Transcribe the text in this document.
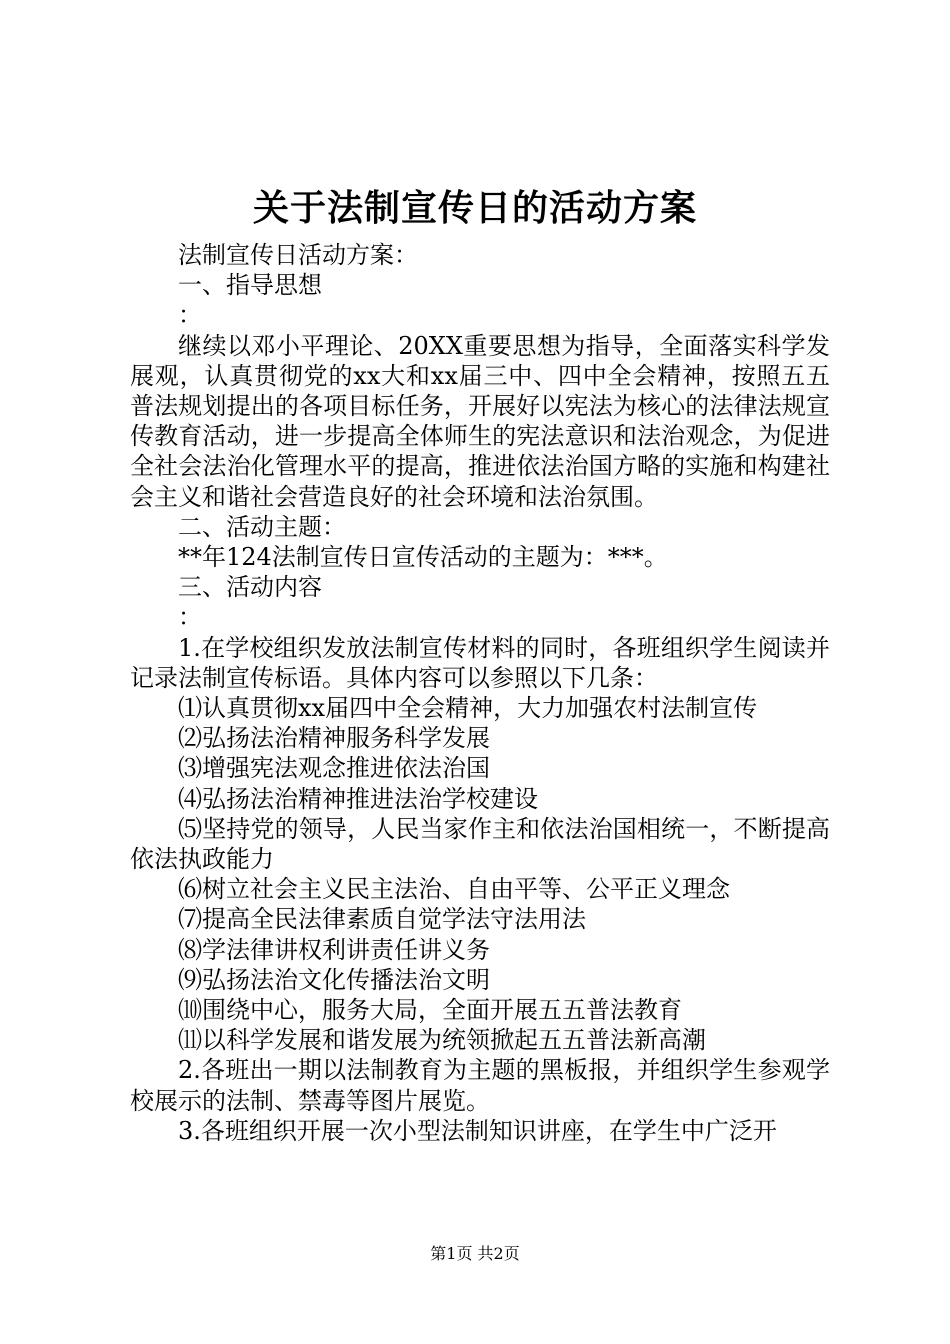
关于法制宣传日的活动方案

法制宣传日活动方案：

一、指导思想

：

继续以邓小平理论、20XX重要思想为指导，全面落实科学发展观，认真贯彻党的xx大和xx届三中、四中全会精神，按照五五普法规划提出的各项目标任务，开展好以宪法为核心的法律法规宣传教育活动，进一步提高全体师生的宪法意识和法治观念，为促进全社会法治化管理水平的提高，推进依法治国方略的实施和构建社会主义和谐社会营造良好的社会环境和法治氛围。

二、活动主题：

**年124法制宣传日宣传活动的主题为：***。

三、活动内容

：

1.在学校组织发放法制宣传材料的同时，各班组织学生阅读并记录法制宣传标语。具体内容可以参照以下几条：

⑴认真贯彻xx届四中全会精神，大力加强农村法制宣传

⑵弘扬法治精神服务科学发展

⑶增强宪法观念推进依法治国

⑷弘扬法治精神推进法治学校建设

⑸坚持党的领导，人民当家作主和依法治国相统一，不断提高依法执政能力

⑹树立社会主义民主法治、自由平等、公平正义理念

⑺提高全民法律素质自觉学法守法用法

⑻学法律讲权利讲责任讲义务

⑼弘扬法治文化传播法治文明

⑽围绕中心，服务大局，全面开展五五普法教育

⑾以科学发展和谐发展为统领掀起五五普法新高潮

2.各班出一期以法制教育为主题的黑板报，并组织学生参观学校展示的法制、禁毒等图片展览。

3.各班组织开展一次小型法制知识讲座，在学生中广泛开

第1页 共2页
